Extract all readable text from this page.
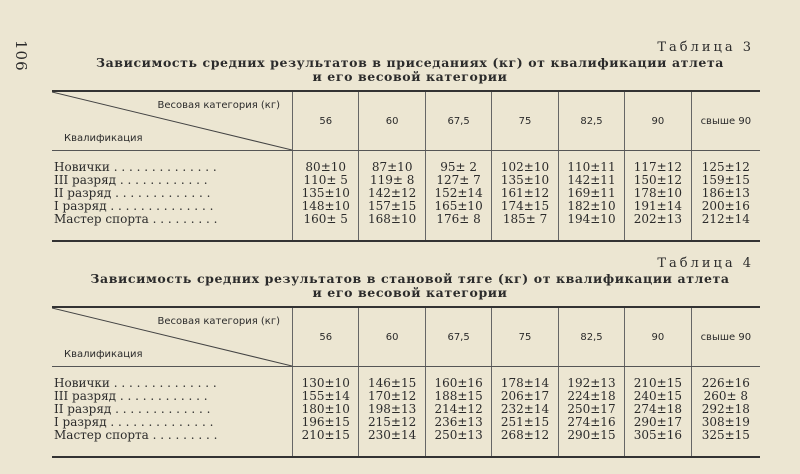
106	Таблица 3
Зависимость средних результатов в приседаниях (кг) от квалификации атлета
и его весовой категории
Весовая категория (кг)
Квалификация	56	60	67,5	75	82,5	90	свыше 90

Новички . . . . . . . . . . . . . .	80±10	87±10	95± 2	102±10	110±11	117±12	125±12
III разряд . . . . . . . . . . . .	110± 5	119± 8	127± 7	135±10	142±11	150±12	159±15
II разряд . . . . . . . . . . . . .	135±10	142±12	152±14	161±12	169±11	178±10	186±13
I разряд . . . . . . . . . . . . . .	148±10	157±15	165±10	174±15	182±10	191±14	200±16
Мастер спорта . . . . . . . . .	160± 5	168±10	176± 8	185± 7	194±10	202±13	212±14

Таблица 4
Зависимость средних результатов в становой тяге (кг) от квалификации атлета
и его весовой категории
Весовая категория (кг)
Квалификация	56	60	67,5	75	82,5	90	свыше 90

Новички . . . . . . . . . . . . . .	130±10	146±15	160±16	178±14	192±13	210±15	226±16
III разряд . . . . . . . . . . . .	155±14	170±12	188±15	206±17	224±18	240±15	260± 8
II разряд . . . . . . . . . . . . .	180±10	198±13	214±12	232±14	250±17	274±18	292±18
I разряд . . . . . . . . . . . . . .	196±15	215±12	236±13	251±15	274±16	290±17	308±19
Мастер спорта . . . . . . . . .	210±15	230±14	250±13	268±12	290±15	305±16	325±15
